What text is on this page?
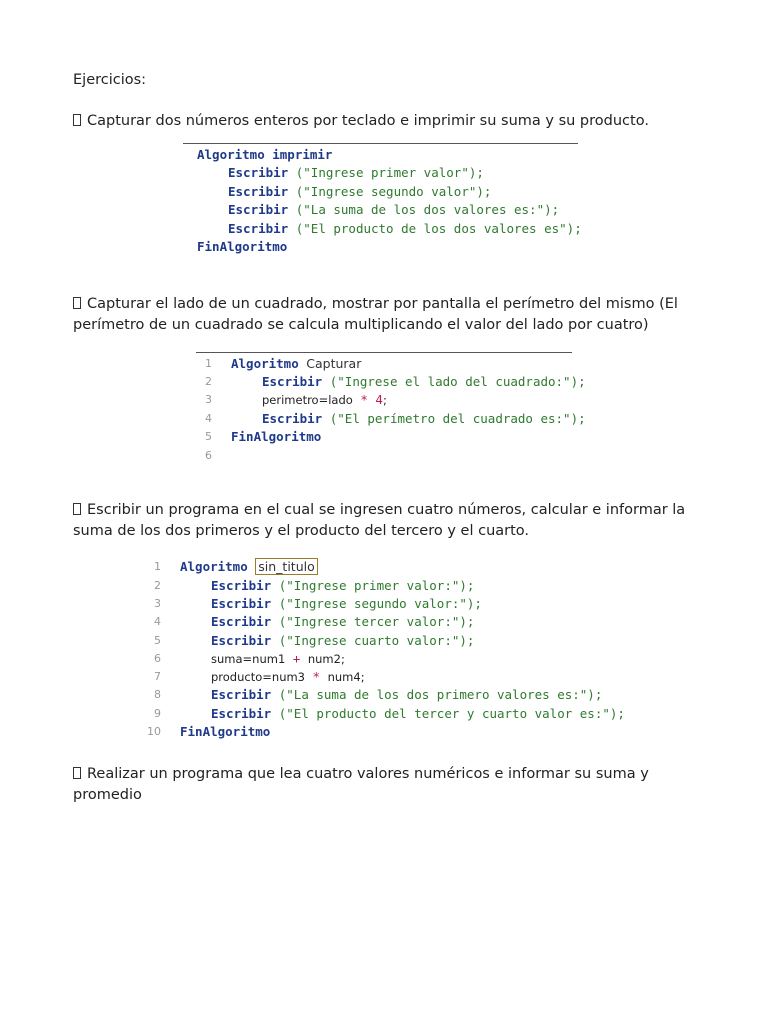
Ejercicios:
Capturar dos números enteros por teclado e imprimir su suma y su producto.
Algoritmo imprimir
Escribir ("Ingrese primer valor");
Escribir ("Ingrese segundo valor");
Escribir ("La suma de los dos valores es:");
Escribir ("El producto de los dos valores es");
FinAlgoritmo
Capturar el lado de un cuadrado, mostrar por pantalla el perímetro del mismo (El perímetro de un cuadrado se calcula multiplicando el valor del lado por cuatro)
1 Algoritmo Capturar
2	Escribir ("Ingrese el lado del cuadrado:");
3	perimetro=lado * 4;
4	Escribir ("El perímetro del cuadrado es:");
5 FinAlgoritmo
6
Escribir un programa en el cual se ingresen cuatro números, calcular e informar la suma de los dos primeros y el producto del tercero y el cuarto.
1 Algoritmo sin_titulo
2	Escribir ("Ingrese primer valor:");
3	Escribir ("Ingrese segundo valor:");
4	Escribir ("Ingrese tercer valor:");
5	Escribir ("Ingrese cuarto valor:");
6	suma=num1 + num2;
7	producto=num3 * num4;
8	Escribir ("La suma de los dos primero valores es:");
9	Escribir ("El producto del tercer y cuarto valor es:");
10 FinAlgoritmo
Realizar un programa que lea cuatro valores numéricos e informar su suma y promedio
